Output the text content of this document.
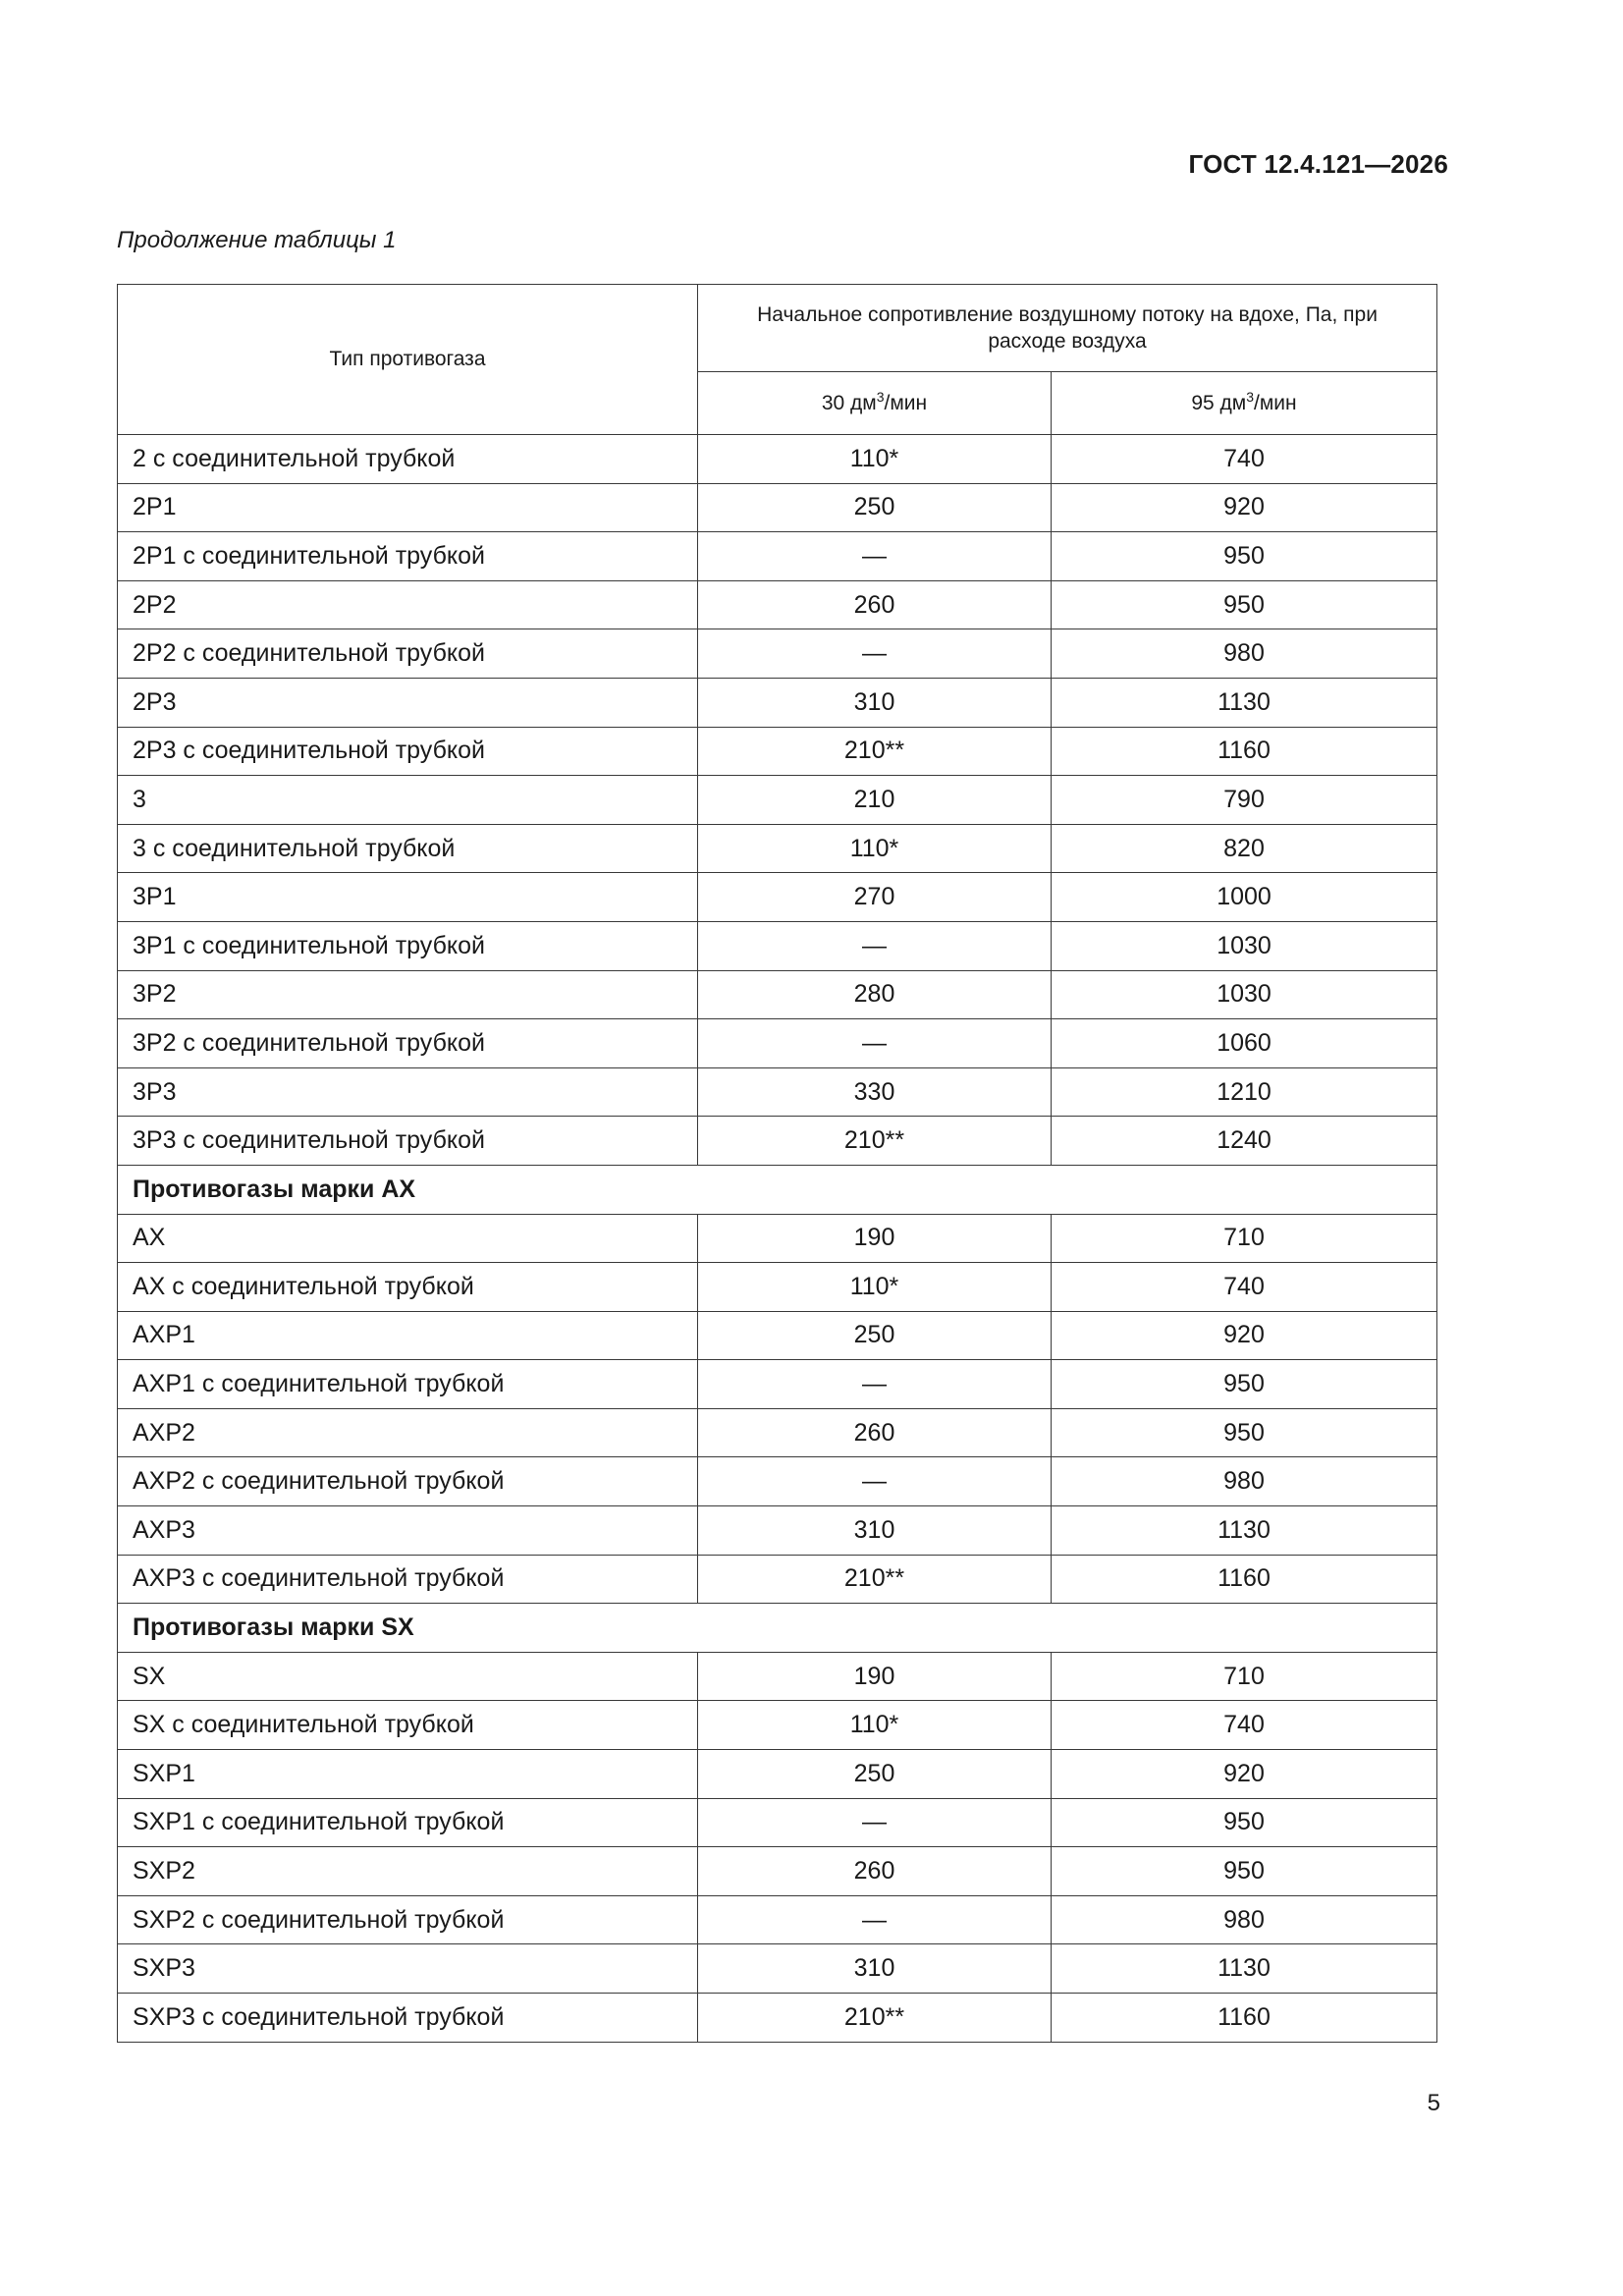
ГОСТ 12.4.121—2026
Продолжение таблицы 1
Тип противогаза	Начальное сопротивление воздушному потоку на вдохе, Па, при расходе воздуха	
	30 $дм^3$/мин	95 $дм^3$/мин
2 с соединительной трубкой	110*	740
2Р1	250	920
2Р1 с соединительной трубкой	—	950
2Р2	260	950
2Р2 с соединительной трубкой	—	980
2Р3	310	1130
2Р3 с соединительной трубкой	210**	1160
3	210	790
3 с соединительной трубкой	110*	820
3Р1	270	1000
3Р1 с соединительной трубкой	—	1030
3Р2	280	1030
3Р2 с соединительной трубкой	—	1060
3Р3	330	1210
3Р3 с соединительной трубкой	210**	1240
Противогазы марки АХ		
АХ	190	710
АХ с соединительной трубкой	110*	740
АХР1	250	920
АХР1 с соединительной трубкой	—	950
АХР2	260	950
АХР2 с соединительной трубкой	—	980
АХР3	310	1130
АХР3 с соединительной трубкой	210**	1160
Противогазы марки SX		
SX	190	710
SX с соединительной трубкой	110*	740
SXP1	250	920
SXP1 с соединительной трубкой	—	950
SXP2	260	950
SXP2 с соединительной трубкой	—	980
SXP3	310	1130
SXP3 с соединительной трубкой	210**	1160
5
